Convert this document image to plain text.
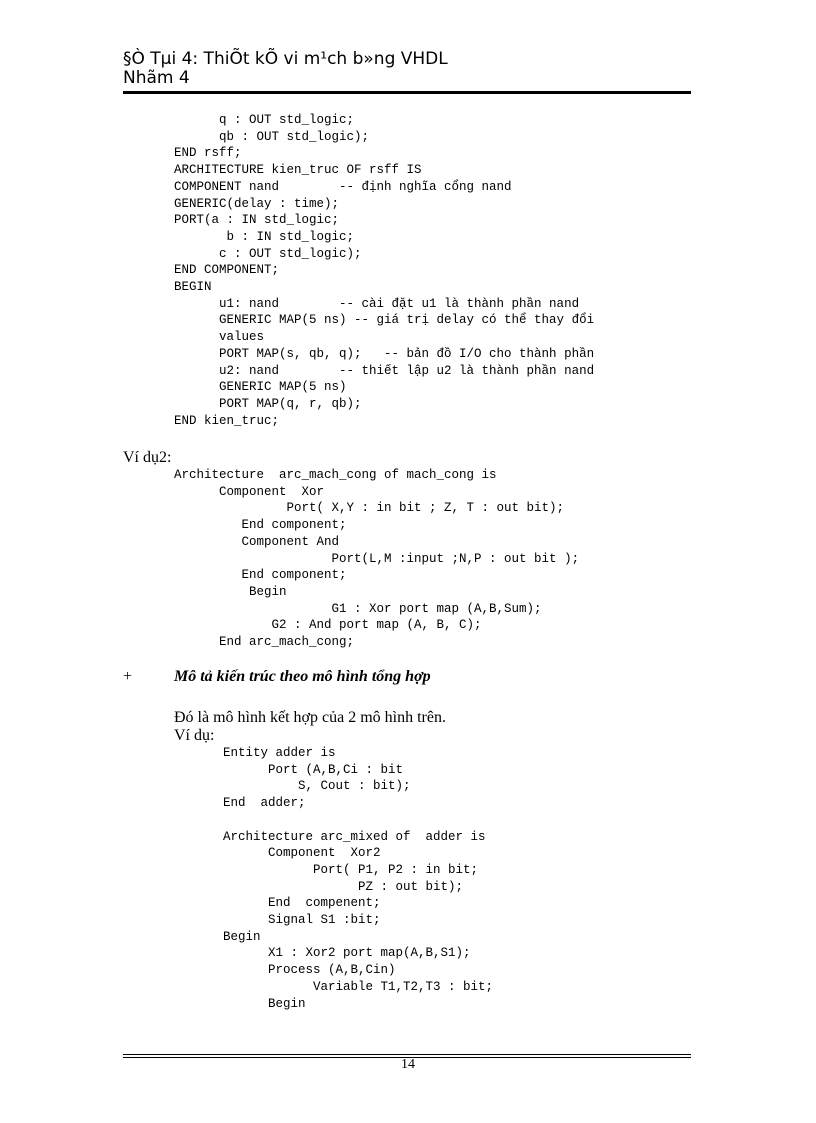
§Ò Tµi 4: ThiÕt kÕ vi m¹ch b»ng VHDL
Nhãm 4
q : OUT std_logic;
qb : OUT std_logic);
END rsff;
ARCHITECTURE kien_truc OF rsff IS
COMPONENT nand        -- định nghĩa cổng nand
GENERIC(delay : time);
PORT(a : IN std_logic;
b : IN std_logic;
c : OUT std_logic);
END COMPONENT;
BEGIN
u1: nand        -- cài đặt u1 là thành phần nand
GENERIC MAP(5 ns) -- giá trị delay có thể thay đổi
values
PORT MAP(s, qb, q);   -- bản đồ I/O cho thành phần
u2: nand        -- thiết lập u2 là thành phần nand
GENERIC MAP(5 ns)
PORT MAP(q, r, qb);
END kien_truc;
Ví dụ2:
Architecture  arc_mach_cong of mach_cong is
Component  Xor
Port( X,Y : in bit ; Z, T : out bit);
End component;
Component And
Port(L,M :input ;N,P : out bit );
End component;
Begin
G1 : Xor port map (A,B,Sum);
G2 : And port map (A, B, C);
End arc_mach_cong;
+	Mô tả kiến trúc theo mô hình tổng hợp
Đó là mô hình kết hợp của 2 mô hình trên.
Ví dụ:
Entity adder is
Port (A,B,Ci : bit
S, Cout : bit);
End  adder;

Architecture arc_mixed of  adder is
Component  Xor2
Port( P1, P2 : in bit;
PZ : out bit);
End  compenent;
Signal S1 :bit;
Begin
X1 : Xor2 port map(A,B,S1);
Process (A,B,Cin)
Variable T1,T2,T3 : bit;
Begin
14
